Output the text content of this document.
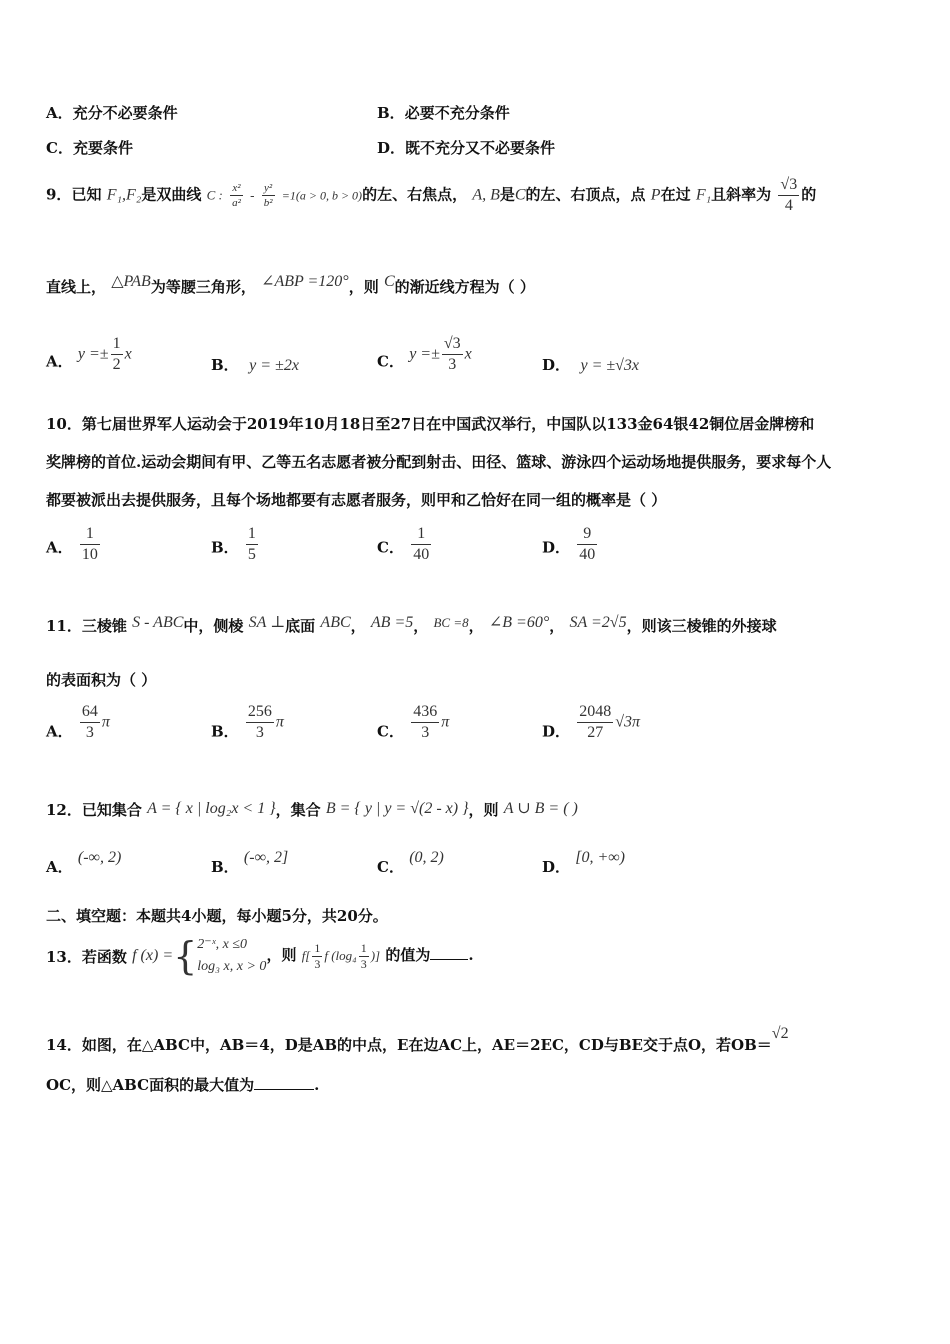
A．充分不必要条件	B．必要不充分条件
C．充要条件	D．既不充分又不必要条件
9．已知 F₁,F₂是双曲线 C : $\frac{\text{x²}}{\text{a²}} - \frac{\text{y²}}{\text{b²}} =1(a > 0$, b > 0)的左、右焦点， A, B是C的左、右顶点，点 P在过 F₁且斜率为 $\frac{√3}{4}$ 的
直线上， △PAB为等腰三角形， ∠ABP =120°，则 C的渐近线方程为（ ）
A． $y =\pm \frac{1}{2}$ x
B． y = ±2x	C． $y =\pm \frac{√3}{3}$ x
D． y = ±√3x
10．第七届世界军人运动会于2019年10月18日至27日在中国武汉举行，中国队以133金64银42铜位居金牌榜和
奖牌榜的首位.运动会期间有甲、乙等五名志愿者被分配到射击、田径、篮球、游泳四个运动场地提供服务，要求每个人
都要被派出去提供服务，且每个场地都要有志愿者服务，则甲和乙恰好在同一组的概率是（ ）
A． $\frac{1}{10}$	B． $\frac{1}{5}$	C． $\frac{1}{40}$	D． $\frac{9}{40}$
11．三棱锥 S - ABC中，侧棱 SA ⊥底面 ABC， AB =5， BC =8， ∠B =60°， SA =2√5，则该三棱锥的外接球
的表面积为（ ）
A． $\frac{64}{3}$ π
B． $\frac{256}{3}$ π
C． $\frac{436}{3}$ π
D． $\frac{2048}{27} √3\pi$
12．已知集合 A = { x | log₂x < 1 }，集合 B = { y | y = √(2 - x) }，则 A ∪ B = ( )
A． (-∞, 2)
B． (-∞, 2]
C． (0, 2)
D． [0, +∞)
二、填空题：本题共4小题，每小题5分，共20分。
13．若函数 f (x) ={ 2⁻ˣ, x ≤0
log₃ x, x > 0
，则 $f[ \frac{1}{3}$ f ($\log_4 \frac{1}{3}$ )] 的值为	.
14．如图，在△ABC中，AB＝4，D是AB的中点，E在边AC上，AE＝2EC，CD与BE交于点O，若OB＝√2
OC，则△ABC面积的最大值为	.
